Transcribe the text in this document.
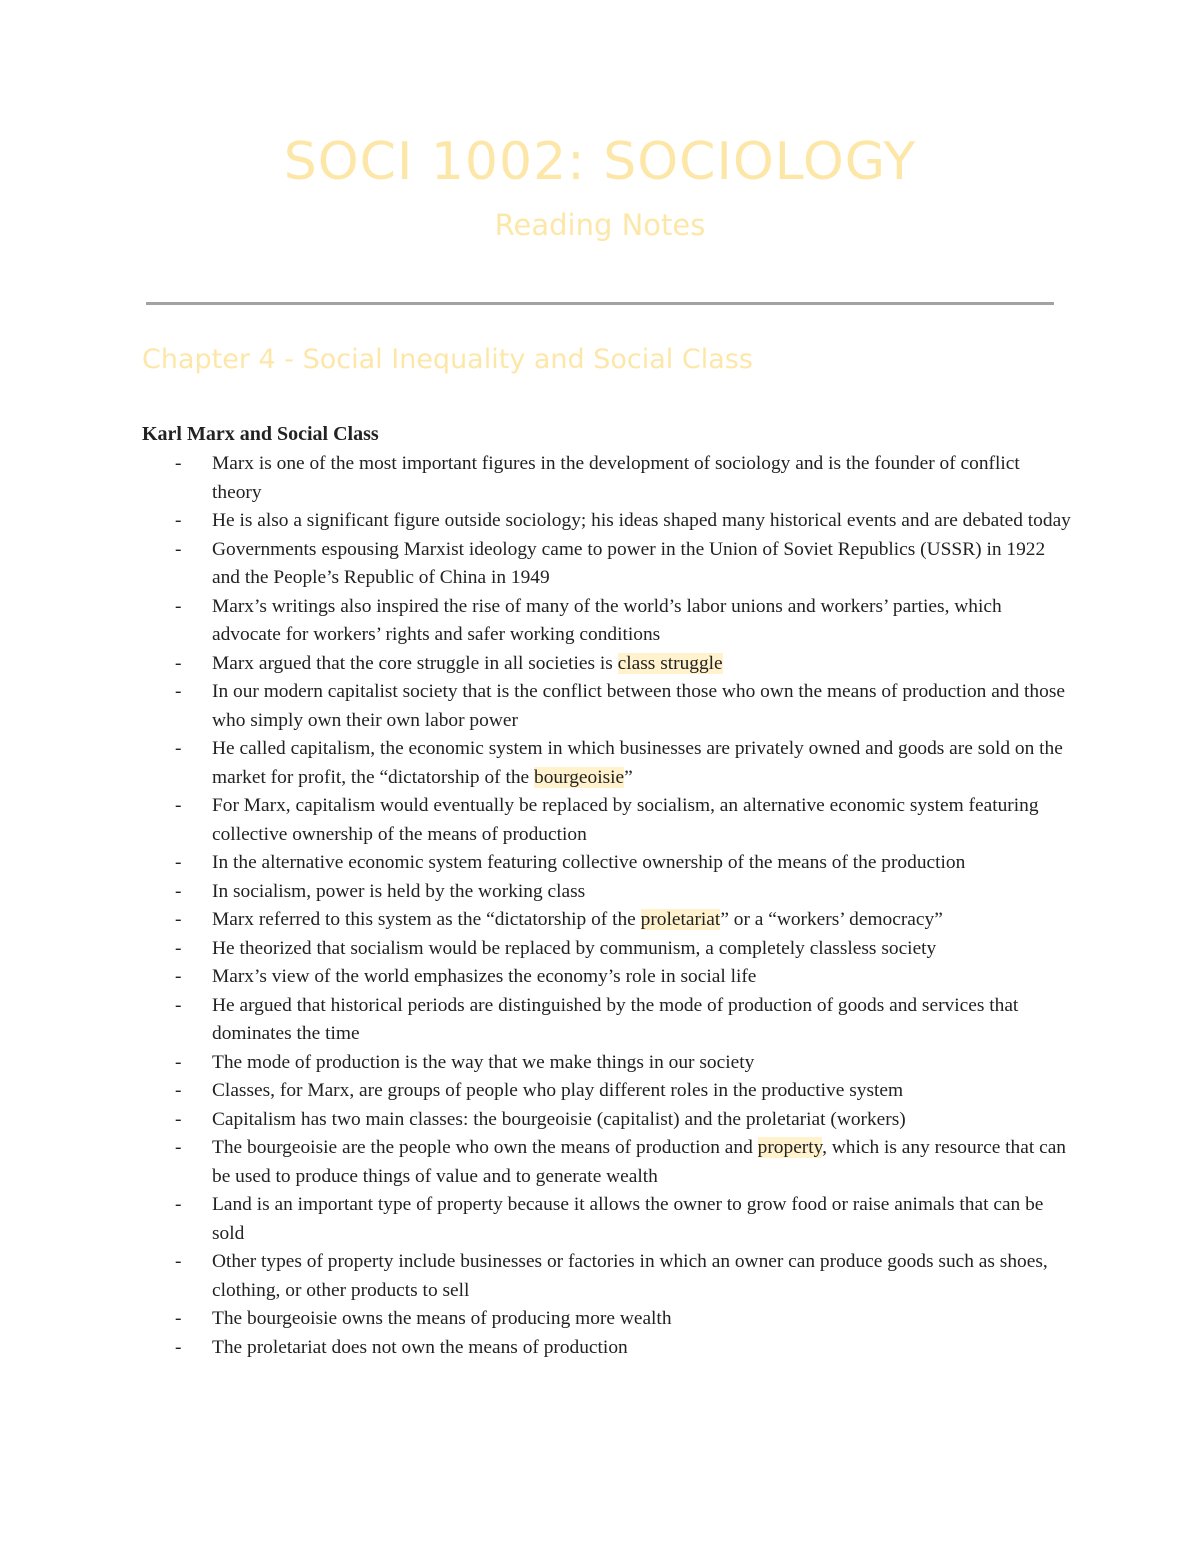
SOCI 1002: SOCIOLOGY
Reading Notes
Chapter 4 - Social Inequality and Social Class
Karl Marx and Social Class
- Marx is one of the most important figures in the development of sociology and is the founder of conflict theory
- He is also a significant figure outside sociology; his ideas shaped many historical events and are debated today
- Governments espousing Marxist ideology came to power in the Union of Soviet Republics (USSR) in 1922 and the People’s Republic of China in 1949
- Marx’s writings also inspired the rise of many of the world’s labor unions and workers’ parties, which advocate for workers’ rights and safer working conditions
- Marx argued that the core struggle in all societies is class struggle
- In our modern capitalist society that is the conflict between those who own the means of production and those who simply own their own labor power
- He called capitalism, the economic system in which businesses are privately owned and goods are sold on the market for profit, the “dictatorship of the bourgeoisie”
- For Marx, capitalism would eventually be replaced by socialism, an alternative economic system featuring collective ownership of the means of production
- In the alternative economic system featuring collective ownership of the means of the production
- In socialism, power is held by the working class
- Marx referred to this system as the “dictatorship of the proletariat” or a “workers’ democracy”
- He theorized that socialism would be replaced by communism, a completely classless society
- Marx’s view of the world emphasizes the economy’s role in social life
- He argued that historical periods are distinguished by the mode of production of goods and services that dominates the time
- The mode of production is the way that we make things in our society
- Classes, for Marx, are groups of people who play different roles in the productive system
- Capitalism has two main classes: the bourgeoisie (capitalist) and the proletariat (workers)
- The bourgeoisie are the people who own the means of production and property, which is any resource that can be used to produce things of value and to generate wealth
- Land is an important type of property because it allows the owner to grow food or raise animals that can be sold
- Other types of property include businesses or factories in which an owner can produce goods such as shoes, clothing, or other products to sell
- The bourgeoisie owns the means of producing more wealth
- The proletariat does not own the means of production
